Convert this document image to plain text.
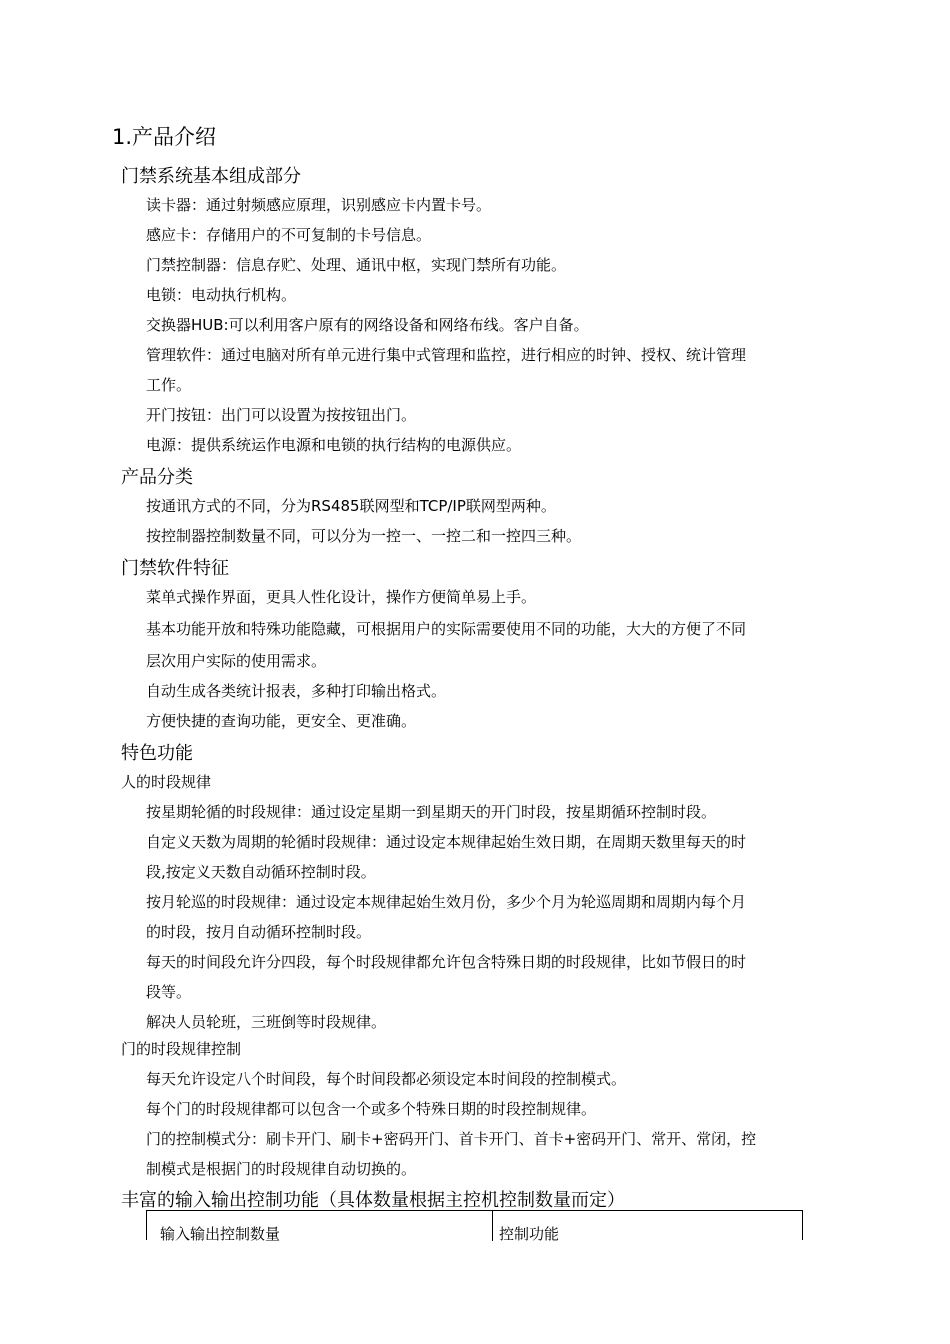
1.产品介绍
门禁系统基本组成部分
读卡器：通过射频感应原理，识别感应卡内置卡号。
感应卡：存储用户的不可复制的卡号信息。
门禁控制器：信息存贮、处理、通讯中枢，实现门禁所有功能。
电锁：电动执行机构。
交换器HUB:可以利用客户原有的网络设备和网络布线。客户自备。
管理软件：通过电脑对所有单元进行集中式管理和监控，进行相应的时钟、授权、统计管理
工作。
开门按钮：出门可以设置为按按钮出门。
电源：提供系统运作电源和电锁的执行结构的电源供应。
产品分类
按通讯方式的不同，分为RS485联网型和TCP/IP联网型两种。
按控制器控制数量不同，可以分为一控一、一控二和一控四三种。
门禁软件特征
菜单式操作界面，更具人性化设计，操作方便简单易上手。
基本功能开放和特殊功能隐藏，可根据用户的实际需要使用不同的功能，大大的方便了不同
层次用户实际的使用需求。
自动生成各类统计报表，多种打印输出格式。
方便快捷的查询功能，更安全、更准确。
特色功能
人的时段规律
按星期轮循的时段规律：通过设定星期一到星期天的开门时段，按星期循环控制时段。
自定义天数为周期的轮循时段规律：通过设定本规律起始生效日期，在周期天数里每天的时
段,按定义天数自动循环控制时段。
按月轮巡的时段规律：通过设定本规律起始生效月份，多少个月为轮巡周期和周期内每个月
的时段，按月自动循环控制时段。
每天的时间段允许分四段，每个时段规律都允许包含特殊日期的时段规律，比如节假日的时
段等。
解决人员轮班，三班倒等时段规律。
门的时段规律控制
每天允许设定八个时间段，每个时间段都必须设定本时间段的控制模式。
每个门的时段规律都可以包含一个或多个特殊日期的时段控制规律。
门的控制模式分：刷卡开门、刷卡+密码开门、首卡开门、首卡+密码开门、常开、常闭，控
制模式是根据门的时段规律自动切换的。
丰富的输入输出控制功能（具体数量根据主控机控制数量而定）
输入输出控制数量	控制功能
